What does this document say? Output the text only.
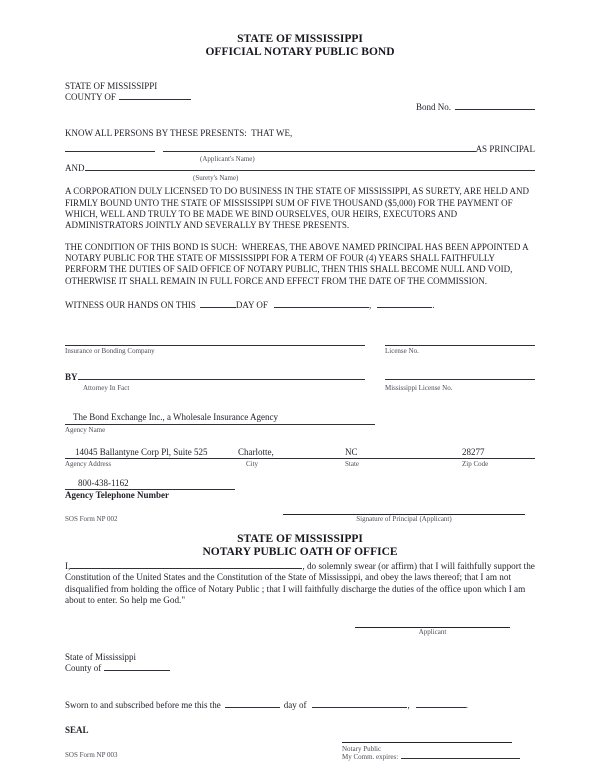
STATE OF MISSISSIPPI
OFFICIAL NOTARY PUBLIC BOND
STATE OF MISSISSIPPI
COUNTY OF
Bond No.
KNOW ALL PERSONS BY THESE PRESENTS:  THAT WE,
AS PRINCIPAL
(Applicant's Name)
AND
(Surety's Name)
A CORPORATION DULY LICENSED TO DO BUSINESS IN THE STATE OF MISSISSIPPI, AS SURETY, ARE HELD AND FIRMLY BOUND UNTO THE STATE OF MISSISSIPPI SUM OF FIVE THOUSAND ($5,000) FOR THE PAYMENT OF WHICH, WELL AND TRULY TO BE MADE WE BIND OURSELVES, OUR HEIRS, EXECUTORS AND ADMINISTRATORS JOINTLY AND SEVERALLY BY THESE PRESENTS.
THE CONDITION OF THIS BOND IS SUCH:  WHEREAS, THE ABOVE NAMED PRINCIPAL HAS BEEN APPOINTED A NOTARY PUBLIC FOR THE STATE OF MISSISSIPPI FOR A TERM OF FOUR (4) YEARS SHALL FAITHFULLY PERFORM THE DUTIES OF SAID OFFICE OF NOTARY PUBLIC, THEN THIS SHALL BECOME NULL AND VOID, OTHERWISE IT SHALL REMAIN IN FULL FORCE AND EFFECT FROM THE DATE OF THE COMMISSION.
WITNESS OUR HANDS ON THIS	DAY OF	,	.
Insurance or Bonding Company	License No.
BY
Attorney In Fact	Mississippi License No.
The Bond Exchange Inc., a Wholesale Insurance Agency
Agency Name
14045 Ballantyne Corp Pl, Suite 525	Charlotte,	NC	28277
Agency Address	City	State	Zip Code
800-438-1162
Agency Telephone Number
SOS Form NP 002	Signature of Principal (Applicant)
STATE OF MISSISSIPPI
NOTARY PUBLIC OATH OF OFFICE
I,	, do solemnly swear (or affirm) that I will faithfully support the Constitution of the United States and the Constitution of the State of Mississippi, and obey the laws thereof; that I am not disqualified from holding the office of Notary Public ; that I will faithfully discharge the duties of the office upon which I am about to enter. So help me God."
Applicant
State of Mississippi
County of
Sworn to and subscribed before me this the	day of	,	.
SEAL
SOS Form NP 003
Notary Public
My Comm. expires:
